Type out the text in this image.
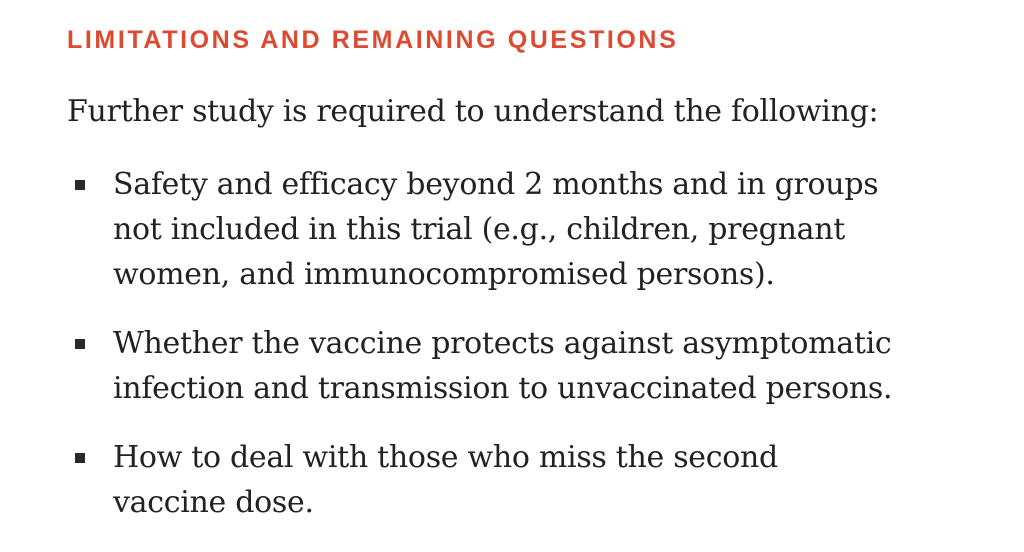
LIMITATIONS AND REMAINING QUESTIONS
Further study is required to understand the following:
Safety and efficacy beyond 2 months and in groups
not included in this trial (e.g., children, pregnant
women, and immunocompromised persons).
Whether the vaccine protects against asymptomatic
infection and transmission to unvaccinated persons.
How to deal with those who miss the second
vaccine dose.
